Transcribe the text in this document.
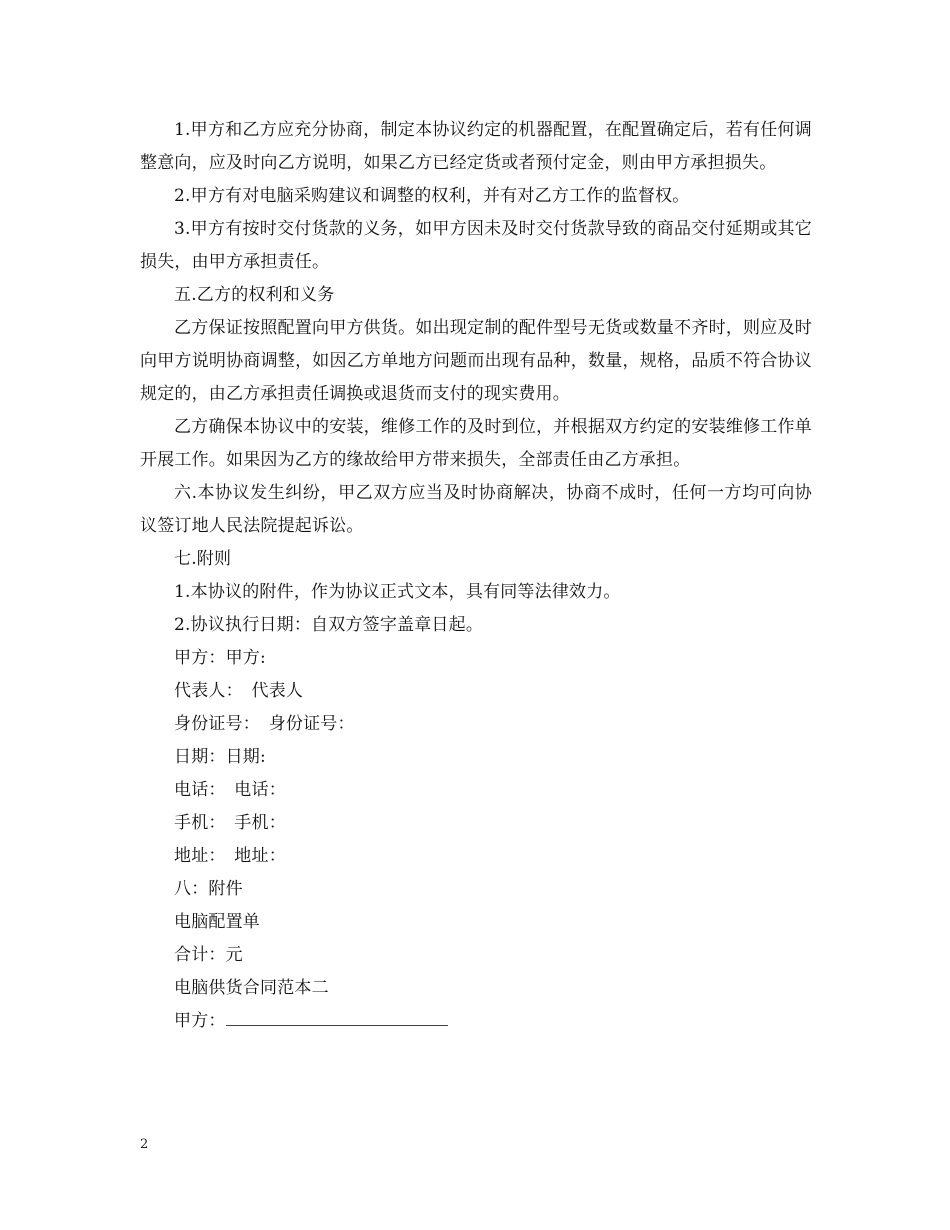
1.甲方和乙方应充分协商，制定本协议约定的机器配置，在配置确定后，若有任何调整意向，应及时向乙方说明，如果乙方已经定货或者预付定金，则由甲方承担损失。

2.甲方有对电脑采购建议和调整的权利，并有对乙方工作的监督权。

3.甲方有按时交付货款的义务，如甲方因未及时交付货款导致的商品交付延期或其它损失，由甲方承担责任。

五.乙方的权利和义务

乙方保证按照配置向甲方供货。如出现定制的配件型号无货或数量不齐时，则应及时向甲方说明协商调整，如因乙方单地方问题而出现有品种，数量，规格，品质不符合协议规定的，由乙方承担责任调换或退货而支付的现实费用。

乙方确保本协议中的安装，维修工作的及时到位，并根据双方约定的安装维修工作单开展工作。如果因为乙方的缘故给甲方带来损失，全部责任由乙方承担。

六.本协议发生纠纷，甲乙双方应当及时协商解决，协商不成时，任何一方均可向协议签订地人民法院提起诉讼。

七.附则

1.本协议的附件，作为协议正式文本，具有同等法律效力。

2.协议执行日期：自双方签字盖章日起。

甲方：甲方:

代表人：　代表人

身份证号：　身份证号：

日期：日期:

电话：　电话：

手机：　手机：

地址：　地址：

八：附件

电脑配置单

合计：元

电脑供货合同范本二

甲方：

2
